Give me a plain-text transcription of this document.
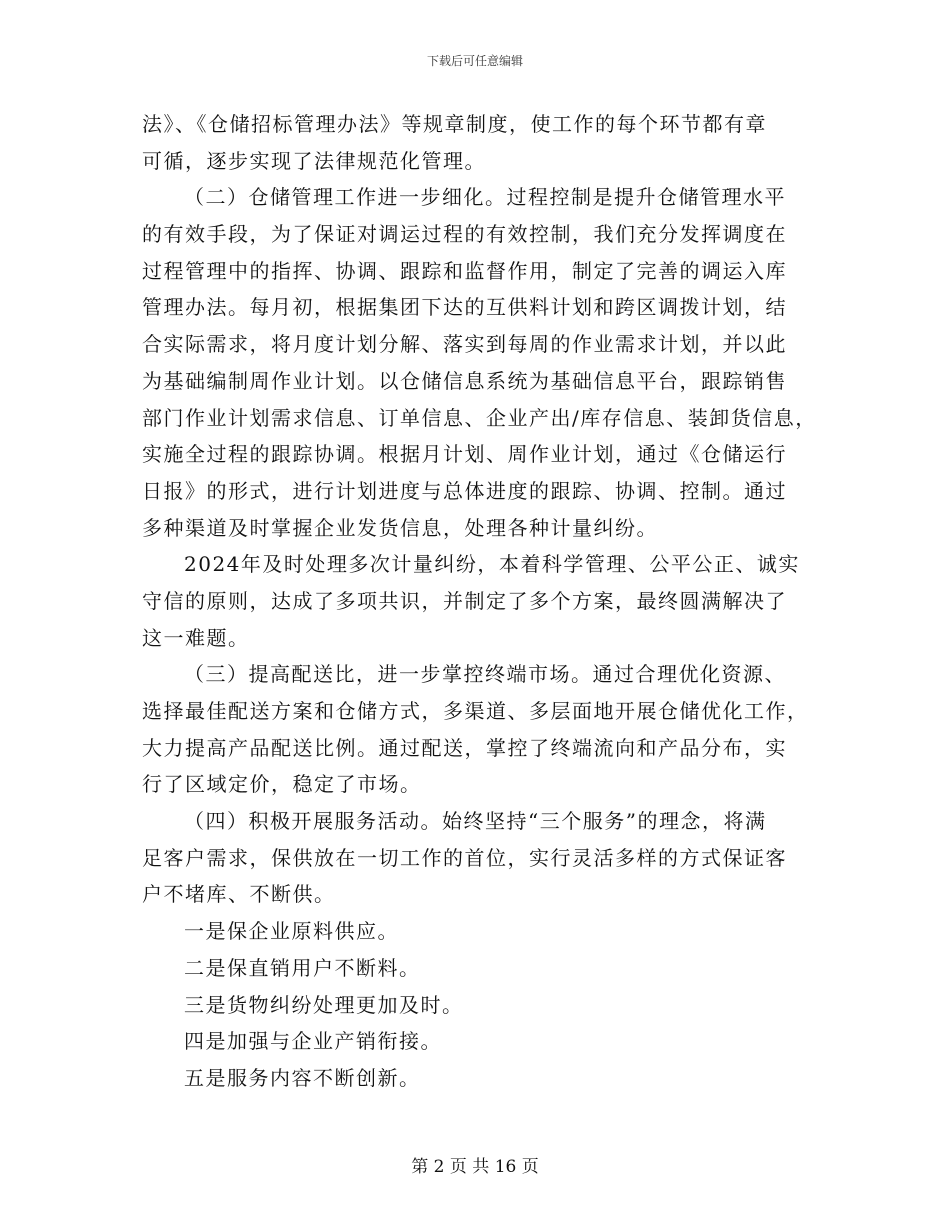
下载后可任意编辑
法》、《仓储招标管理办法》等规章制度，使工作的每个环节都有章
可循，逐步实现了法律规范化管理。
（二）仓储管理工作进一步细化。过程控制是提升仓储管理水平
的有效手段，为了保证对调运过程的有效控制，我们充分发挥调度在
过程管理中的指挥、协调、跟踪和监督作用，制定了完善的调运入库
管理办法。每月初，根据集团下达的互供料计划和跨区调拨计划，结
合实际需求，将月度计划分解、落实到每周的作业需求计划，并以此
为基础编制周作业计划。以仓储信息系统为基础信息平台，跟踪销售
部门作业计划需求信息、订单信息、企业产出/库存信息、装卸货信息，
实施全过程的跟踪协调。根据月计划、周作业计划，通过《仓储运行
日报》的形式，进行计划进度与总体进度的跟踪、协调、控制。通过
多种渠道及时掌握企业发货信息，处理各种计量纠纷。
2024年及时处理多次计量纠纷，本着科学管理、公平公正、诚实
守信的原则，达成了多项共识，并制定了多个方案，最终圆满解决了
这一难题。
（三）提高配送比，进一步掌控终端市场。通过合理优化资源、
选择最佳配送方案和仓储方式，多渠道、多层面地开展仓储优化工作，
大力提高产品配送比例。通过配送，掌控了终端流向和产品分布，实
行了区域定价，稳定了市场。
（四）积极开展服务活动。始终坚持“三个服务”的理念，将满
足客户需求，保供放在一切工作的首位，实行灵活多样的方式保证客
户不堵库、不断供。
一是保企业原料供应。
二是保直销用户不断料。
三是货物纠纷处理更加及时。
四是加强与企业产销衔接。
五是服务内容不断创新。
第 2 页 共 16 页
